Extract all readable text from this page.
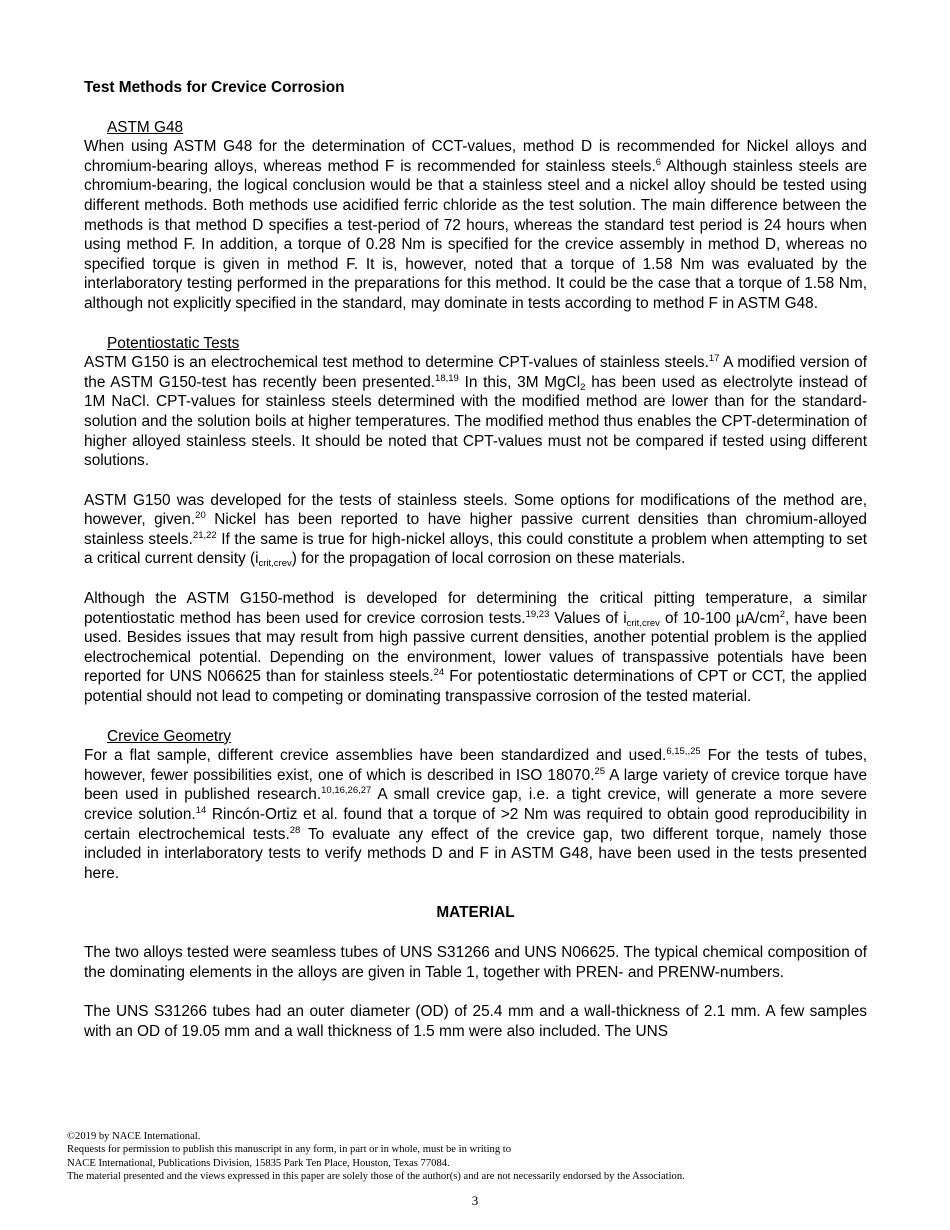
Test Methods for Crevice Corrosion
ASTM G48

When using ASTM G48 for the determination of CCT-values, method D is recommended for Nickel alloys and chromium-bearing alloys, whereas method F is recommended for stainless steels.$^6$ Although stainless steels are chromium-bearing, the logical conclusion would be that a stainless steel and a nickel alloy should be tested using different methods. Both methods use acidified ferric chloride as the test solution. The main difference between the methods is that method D specifies a test-period of 72 hours, whereas the standard test period is 24 hours when using method F. In addition, a torque of 0.28 Nm is specified for the crevice assembly in method D, whereas no specified torque is given in method F. It is, however, noted that a torque of 1.58 Nm was evaluated by the interlaboratory testing performed in the preparations for this method. It could be the case that a torque of 1.58 Nm, although not explicitly specified in the standard, may dominate in tests according to method F in ASTM G48.

Potentiostatic Tests

ASTM G150 is an electrochemical test method to determine CPT-values of stainless steels.$^{17}$ A modified version of the ASTM G150-test has recently been presented.$^{18,19}$ In this, 3M MgCl$_2$ has been used as electrolyte instead of 1M NaCl. CPT-values for stainless steels determined with the modified method are lower than for the standard-solution and the solution boils at higher temperatures. The modified method thus enables the CPT-determination of higher alloyed stainless steels. It should be noted that CPT-values must not be compared if tested using different solutions.

ASTM G150 was developed for the tests of stainless steels. Some options for modifications of the method are, however, given.$^{20}$ Nickel has been reported to have higher passive current densities than chromium-alloyed stainless steels.$^{21,22}$ If the same is true for high-nickel alloys, this could constitute a problem when attempting to set a critical current density $(i_{crit,crev})$ for the propagation of local corrosion on these materials.

Although the ASTM G150-method is developed for determining the critical pitting temperature, a similar potentiostatic method has been used for crevice corrosion tests.$^{19,23}$ Values of $i_{crit,crev}$ of 10-100 $\mu A/cm^2$, have been used. Besides issues that may result from high passive current densities, another potential problem is the applied electrochemical potential. Depending on the environment, lower values of transpassive potentials have been reported for UNS N06625 than for stainless steels.$^{24}$ For potentiostatic determinations of CPT or CCT, the applied potential should not lead to competing or dominating transpassive corrosion of the tested material.

Crevice Geometry

For a flat sample, different crevice assemblies have been standardized and used.$^{6,15,,25}$ For the tests of tubes, however, fewer possibilities exist, one of which is described in ISO 18070.25 A large variety of crevice torque have been used in published research.$^{10,16,26,27}$ A small crevice gap, i.e. a tight crevice, will generate a more severe crevice solution.$^{14}$ Rincón-Ortiz et al. found that a torque of >2 Nm was required to obtain good reproducibility in certain electrochemical tests.$^{28}$ To evaluate any effect of the crevice gap, two different torque, namely those included in interlaboratory tests to verify methods D and F in ASTM G48, have been used in the tests presented here.

MATERIAL

The two alloys tested were seamless tubes of UNS S31266 and UNS N06625. The typical chemical composition of the dominating elements in the alloys are given in Table 1, together with PREN- and PRENW-numbers.

The UNS S31266 tubes had an outer diameter (OD) of 25.4 mm and a wall-thickness of 2.1 mm. A few samples with an OD of 19.05 mm and a wall thickness of 1.5 mm were also included. The UNS

©2019 by NACE International.
Requests for permission to publish this manuscript in any form, in part or in whole, must be in writing to
NACE International, Publications Division, 15835 Park Ten Place, Houston, Texas 77084.
The material presented and the views expressed in this paper are solely those of the author(s) and are not necessarily endorsed by the Association.
3
